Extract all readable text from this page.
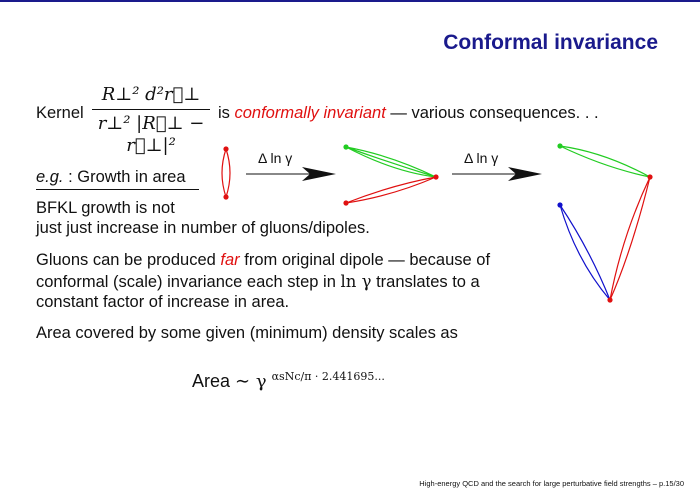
Conformal invariance
Kernel
R⊥² d²r⃗⊥
r⊥² |R⃗⊥ − r⃗⊥|²
is conformally invariant — various consequences. . .
e.g. : Growth in area
Δ ln γ	Δ ln γ
BFKL growth is not
just just increase in number of gluons/dipoles.
Gluons can be produced far from original dipole — because of
conformal (scale) invariance each step in ln γ translates to a
constant factor of increase in area.
Area covered by some given (minimum) density scales as
Area ∼ γ $^{\alpha sNc/\pi \cdot 2.441695...}$
High-energy QCD and the search for large perturbative field strengths – p.15/30
